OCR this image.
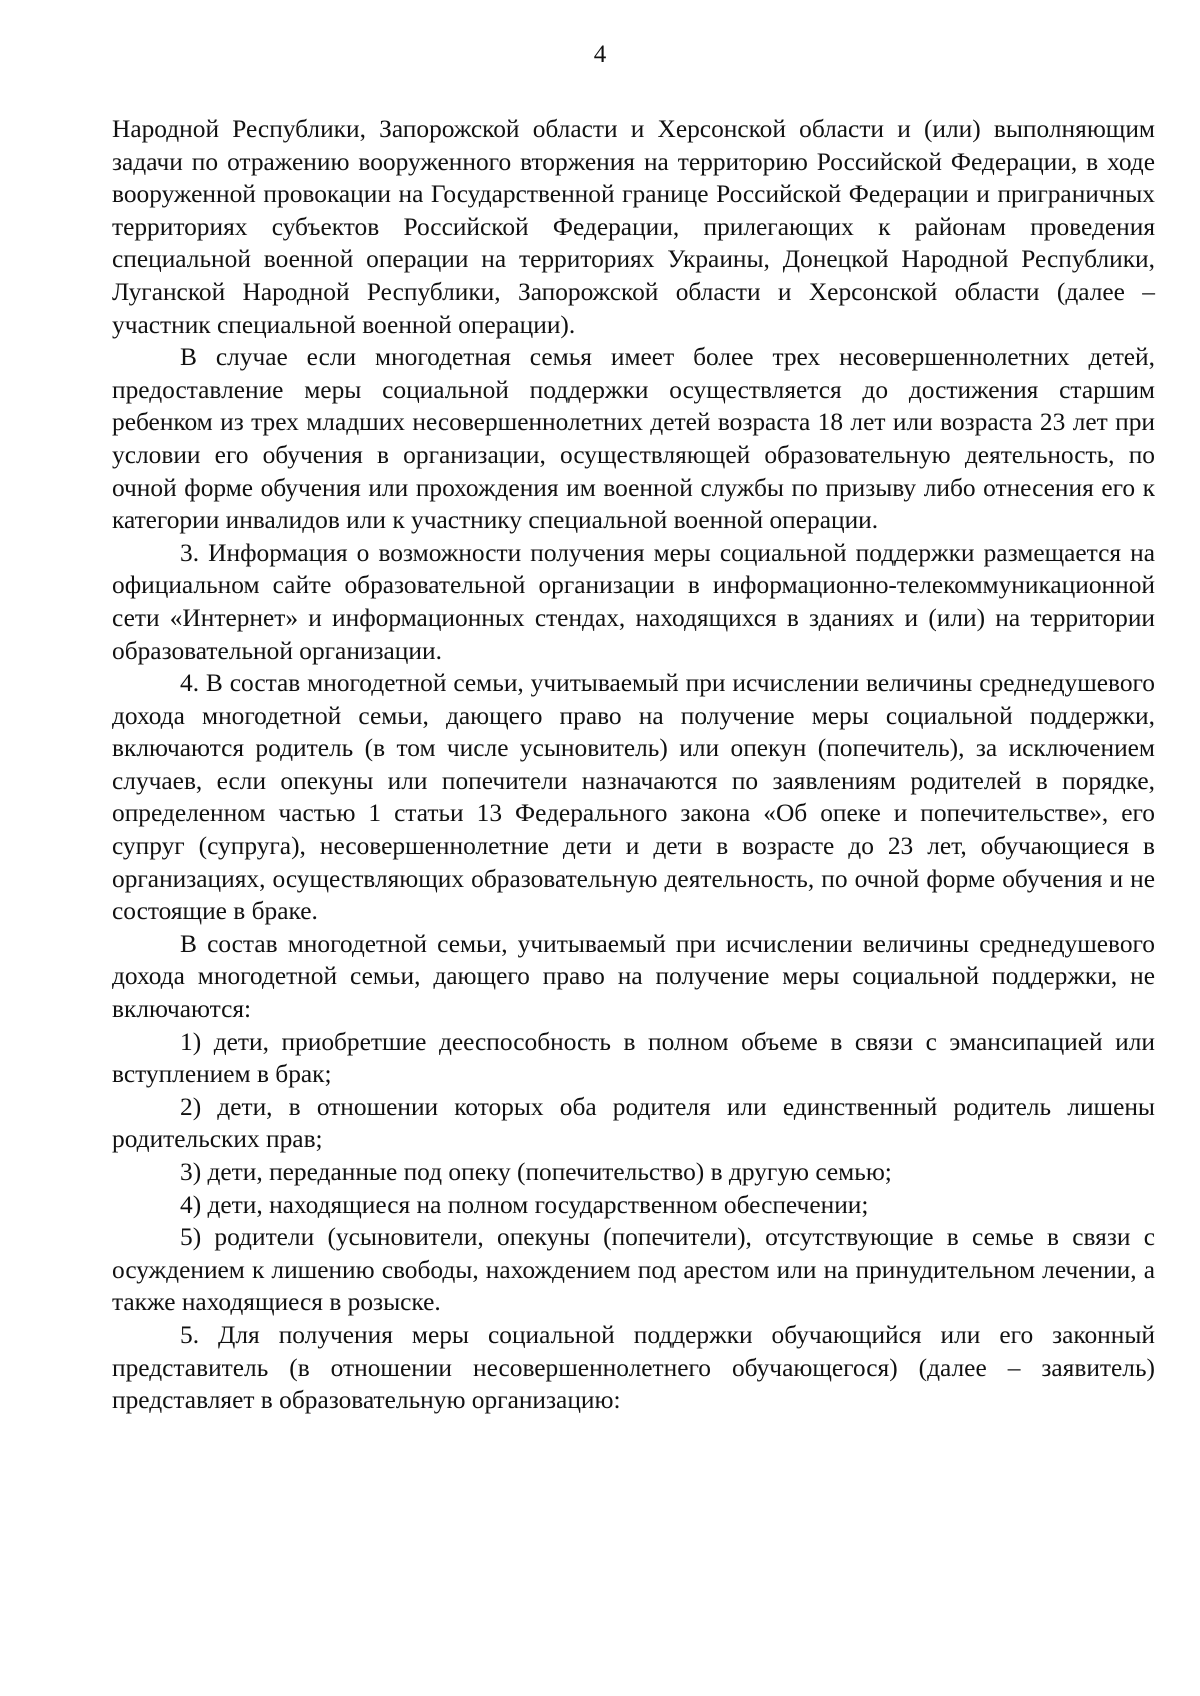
4

Народной Республики, Запорожской области и Херсонской области и (или) выполняющим задачи по отражению вооруженного вторжения на территорию Российской Федерации, в ходе вооруженной провокации на Государственной границе Российской Федерации и приграничных территориях субъектов Российской Федерации, прилегающих к районам проведения специальной военной операции на территориях Украины, Донецкой Народной Республики, Луганской Народной Республики, Запорожской области и Херсонской области (далее – участник специальной военной операции).

В случае если многодетная семья имеет более трех несовершеннолетних детей, предоставление меры социальной поддержки осуществляется до достижения старшим ребенком из трех младших несовершеннолетних детей возраста 18 лет или возраста 23 лет при условии его обучения в организации, осуществляющей образовательную деятельность, по очной форме обучения или прохождения им военной службы по призыву либо отнесения его к категории инвалидов или к участнику специальной военной операции.

3. Информация о возможности получения меры социальной поддержки размещается на официальном сайте образовательной организации в информационно-телекоммуникационной сети «Интернет» и информационных стендах, находящихся в зданиях и (или) на территории образовательной организации.

4. В состав многодетной семьи, учитываемый при исчислении величины среднедушевого дохода многодетной семьи, дающего право на получение меры социальной поддержки, включаются родитель (в том числе усыновитель) или опекун (попечитель), за исключением случаев, если опекуны или попечители назначаются по заявлениям родителей в порядке, определенном частью 1 статьи 13 Федерального закона «Об опеке и попечительстве», его супруг (супруга), несовершеннолетние дети и дети в возрасте до 23 лет, обучающиеся в организациях, осуществляющих образовательную деятельность, по очной форме обучения и не состоящие в браке.

В состав многодетной семьи, учитываемый при исчислении величины среднедушевого дохода многодетной семьи, дающего право на получение меры социальной поддержки, не включаются:

1) дети, приобретшие дееспособность в полном объеме в связи с эмансипацией или вступлением в брак;

2) дети, в отношении которых оба родителя или единственный родитель лишены родительских прав;

3) дети, переданные под опеку (попечительство) в другую семью;

4) дети, находящиеся на полном государственном обеспечении;

5) родители (усыновители, опекуны (попечители), отсутствующие в семье в связи с осуждением к лишению свободы, нахождением под арестом или на принудительном лечении, а также находящиеся в розыске.

5. Для получения меры социальной поддержки обучающийся или его законный представитель (в отношении несовершеннолетнего обучающегося) (далее – заявитель) представляет в образовательную организацию:
